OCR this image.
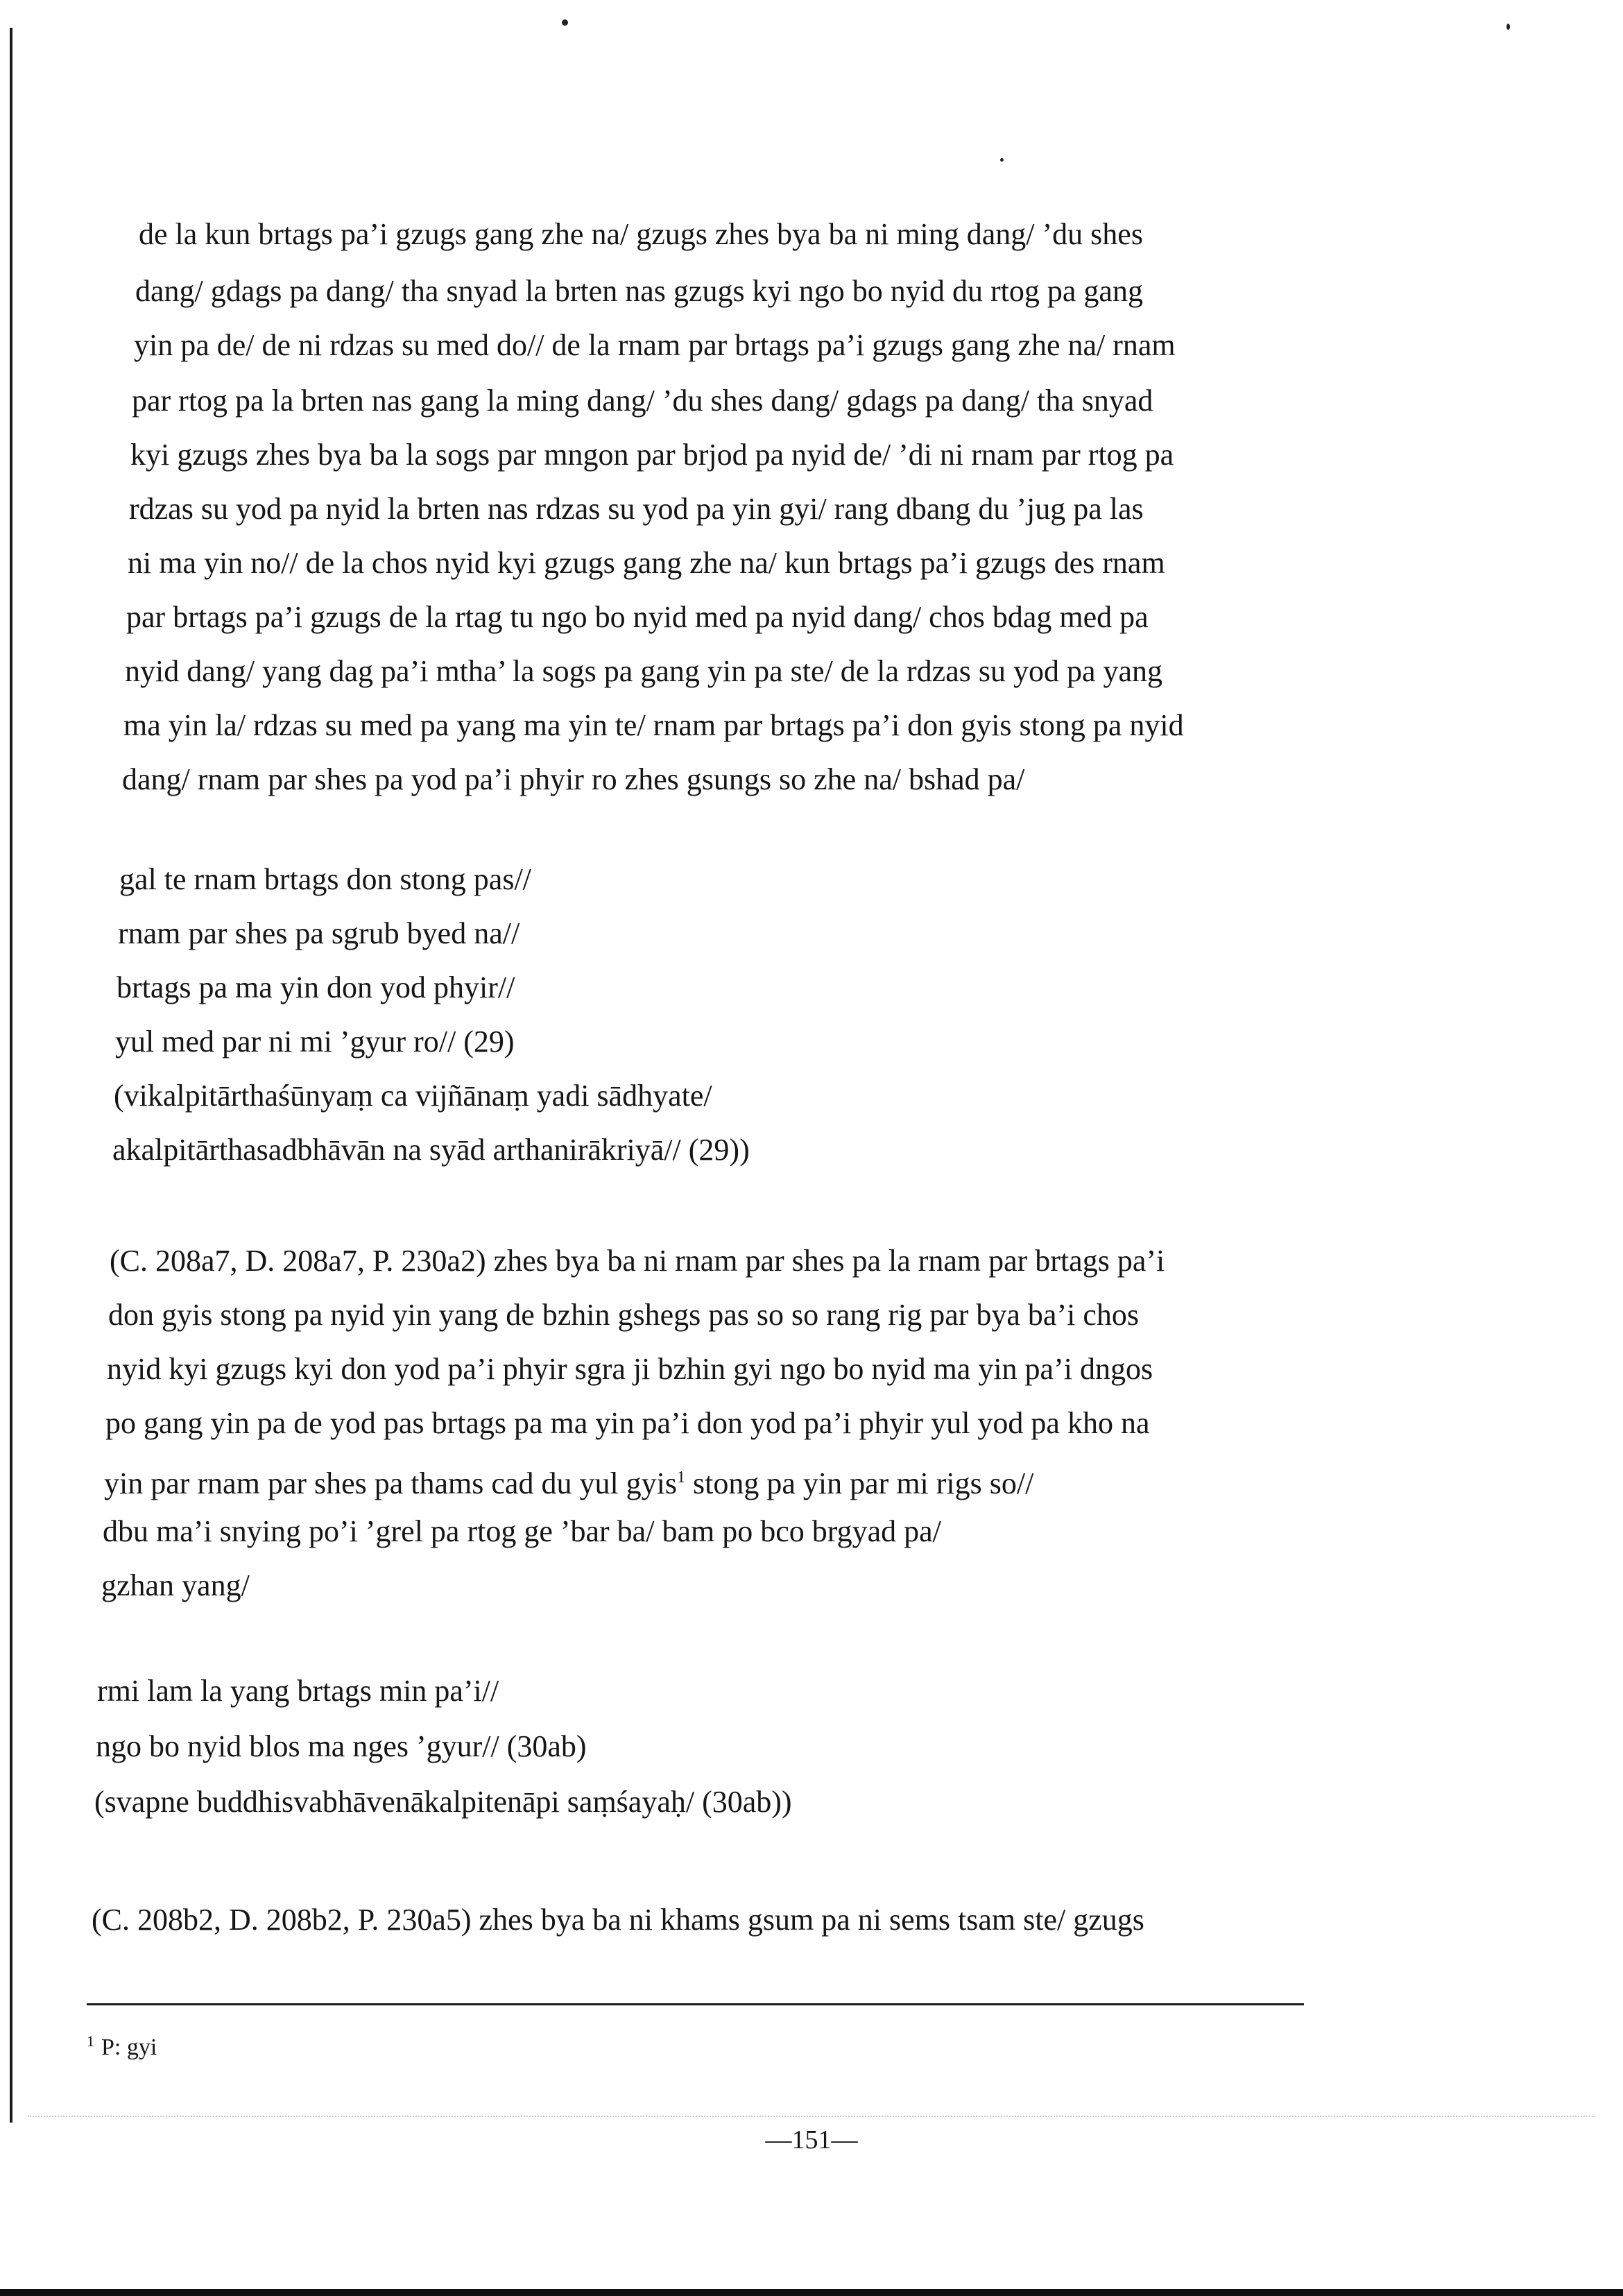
de la kun brtags pa’i gzugs gang zhe na/ gzugs zhes bya ba ni ming dang/ ’du shes
dang/ gdags pa dang/ tha snyad la brten nas gzugs kyi ngo bo nyid du rtog pa gang
yin pa de/ de ni rdzas su med do// de la rnam par brtags pa’i gzugs gang zhe na/ rnam
par rtog pa la brten nas gang la ming dang/ ’du shes dang/ gdags pa dang/ tha snyad
kyi gzugs zhes bya ba la sogs par mngon par brjod pa nyid de/ ’di ni rnam par rtog pa
rdzas su yod pa nyid la brten nas rdzas su yod pa yin gyi/ rang dbang du ’jug pa las
ni ma yin no// de la chos nyid kyi gzugs gang zhe na/ kun brtags pa’i gzugs des rnam
par brtags pa’i gzugs de la rtag tu ngo bo nyid med pa nyid dang/ chos bdag med pa
nyid dang/ yang dag pa’i mtha’ la sogs pa gang yin pa ste/ de la rdzas su yod pa yang
ma yin la/ rdzas su med pa yang ma yin te/ rnam par brtags pa’i don gyis stong pa nyid
dang/ rnam par shes pa yod pa’i phyir ro zhes gsungs so zhe na/ bshad pa/
gal te rnam brtags don stong pas//
rnam par shes pa sgrub byed na//
brtags pa ma yin don yod phyir//
yul med par ni mi ’gyur ro// (29)
(vikalpitārthaśūnyaṃ ca vijñānaṃ yadi sādhyate/
akalpitārthasadbhāvān na syād arthanirākriyā// (29))
(C. 208a7, D. 208a7, P. 230a2) zhes bya ba ni rnam par shes pa la rnam par brtags pa’i
don gyis stong pa nyid yin yang de bzhin gshegs pas so so rang rig par bya ba’i chos
nyid kyi gzugs kyi don yod pa’i phyir sgra ji bzhin gyi ngo bo nyid ma yin pa’i dngos
po gang yin pa de yod pas brtags pa ma yin pa’i don yod pa’i phyir yul yod pa kho na
yin par rnam par shes pa thams cad du yul gyis$^1$ stong pa yin par mi rigs so//
dbu ma’i snying po’i ’grel pa rtog ge ’bar ba/ bam po bco brgyad pa/
gzhan yang/
rmi lam la yang brtags min pa’i//
ngo bo nyid blos ma nges ’gyur// (30ab)
(svapne buddhisvabhāvenākalpitenāpi saṃśayaḥ/ (30ab))
(C. 208b2, D. 208b2, P. 230a5) zhes bya ba ni khams gsum pa ni sems tsam ste/ gzugs
$^1$ P: gyi
—151—
